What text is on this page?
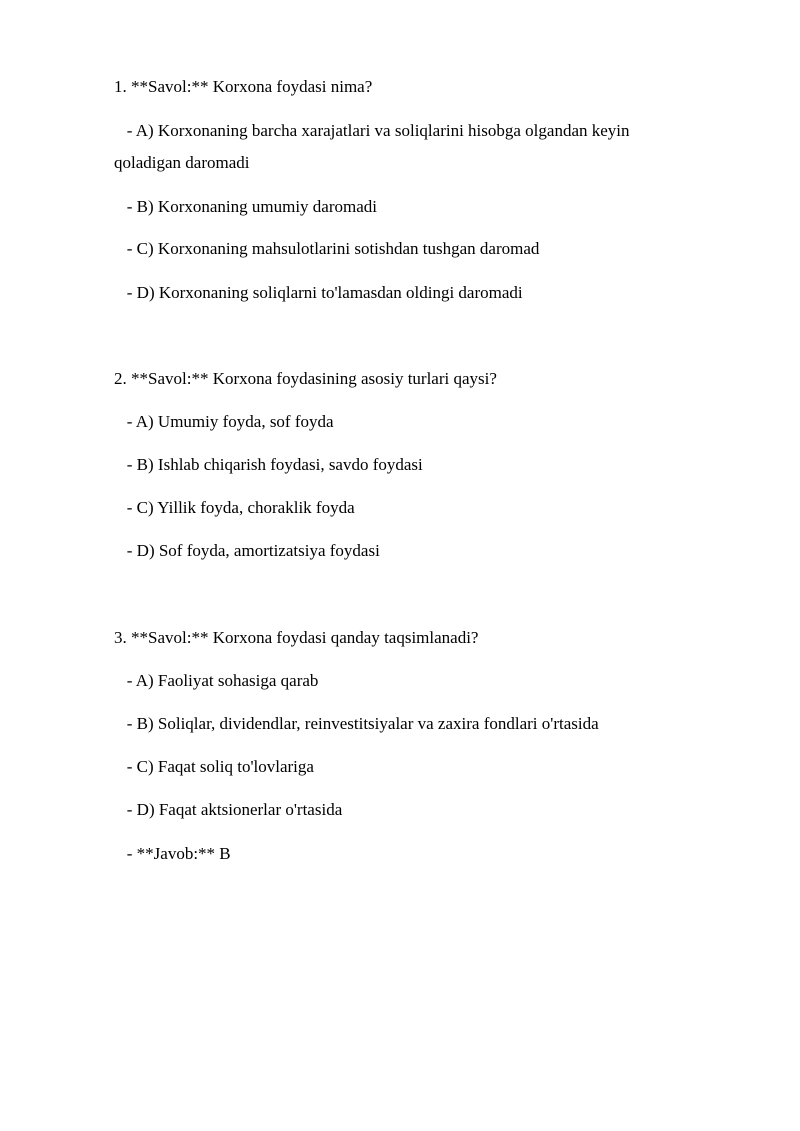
1. **Savol:** Korxona foydasi nima?
- A) Korxonaning barcha xarajatlari va soliqlarini hisobga olgandan keyin
qoladigan daromadi
- B) Korxonaning umumiy daromadi
- C) Korxonaning mahsulotlarini sotishdan tushgan daromad
- D) Korxonaning soliqlarni to'lamasdan oldingi daromadi
2. **Savol:** Korxona foydasining asosiy turlari qaysi?
- A) Umumiy foyda, sof foyda
- B) Ishlab chiqarish foydasi, savdo foydasi
- C) Yillik foyda, choraklik foyda
- D) Sof foyda, amortizatsiya foydasi
3. **Savol:** Korxona foydasi qanday taqsimlanadi?
- A) Faoliyat sohasiga qarab
- B) Soliqlar, dividendlar, reinvestitsiyalar va zaxira fondlari o'rtasida
- C) Faqat soliq to'lovlariga
- D) Faqat aktsionerlar o'rtasida
- **Javob:** B
